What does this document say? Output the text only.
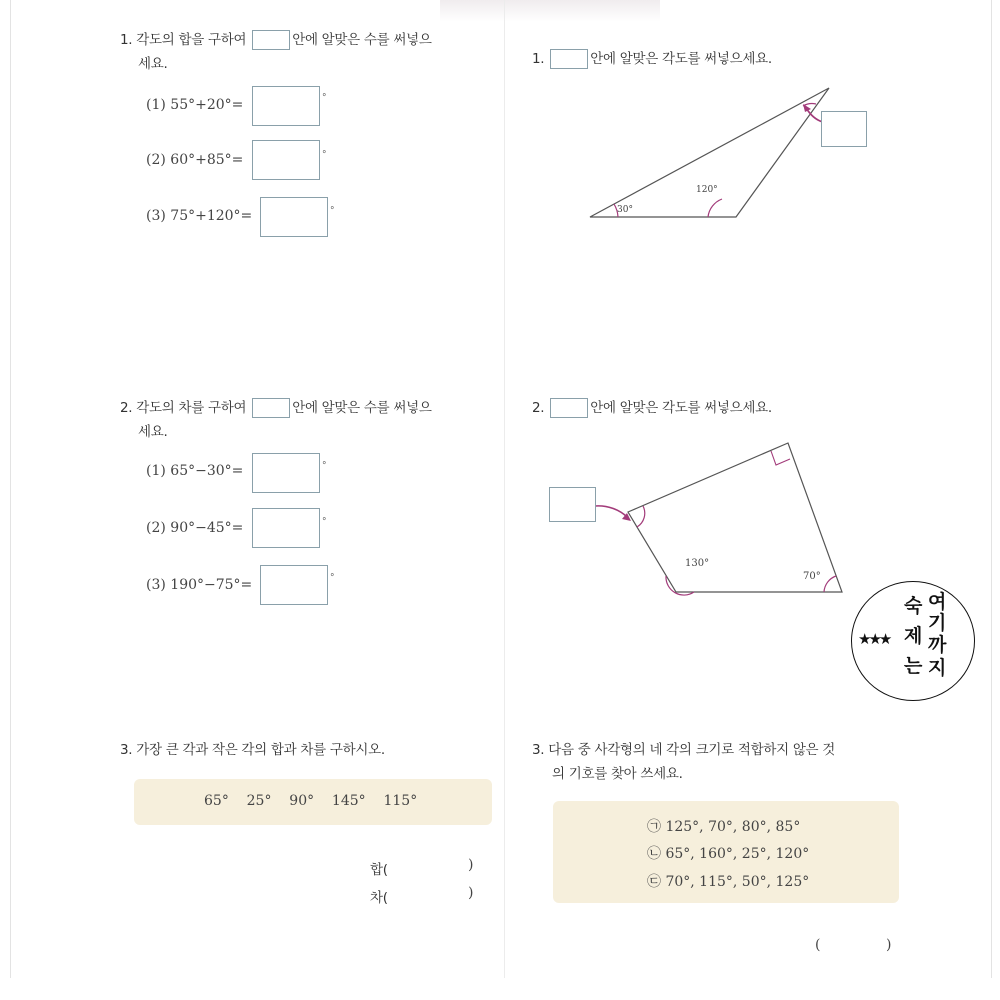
1. 각도의 합을 구하여	안에 알맞은 수를 써넣으
세요.
(1) 55°+20°=	°
(2) 60°+85°=	°
(3) 75°+120°=	°
2. 각도의 차를 구하여	안에 알맞은 수를 써넣으
세요.
(1) 65°−30°=	°
(2) 90°−45°=	°
(3) 190°−75°=	°
3. 가장 큰 각과 작은 각의 합과 차를 구하시오.
65° 25° 90° 145° 115°
합(	)
차(	)
1.	안에 알맞은 각도를 써넣으세요.
30°
120°
2.	안에 알맞은 각도를 써넣으세요.
130°
70°
3. 다음 중 사각형의 네 각의 크기로 적합하지 않은 것
의 기호를 찾아 쓰세요.
㉠ 125°, 70°, 80°, 85°
㉡ 65°, 160°, 25°, 120°
㉢ 70°, 115°, 50°, 125°
(	)
★★★
숙
제
는
여
기
까
지
